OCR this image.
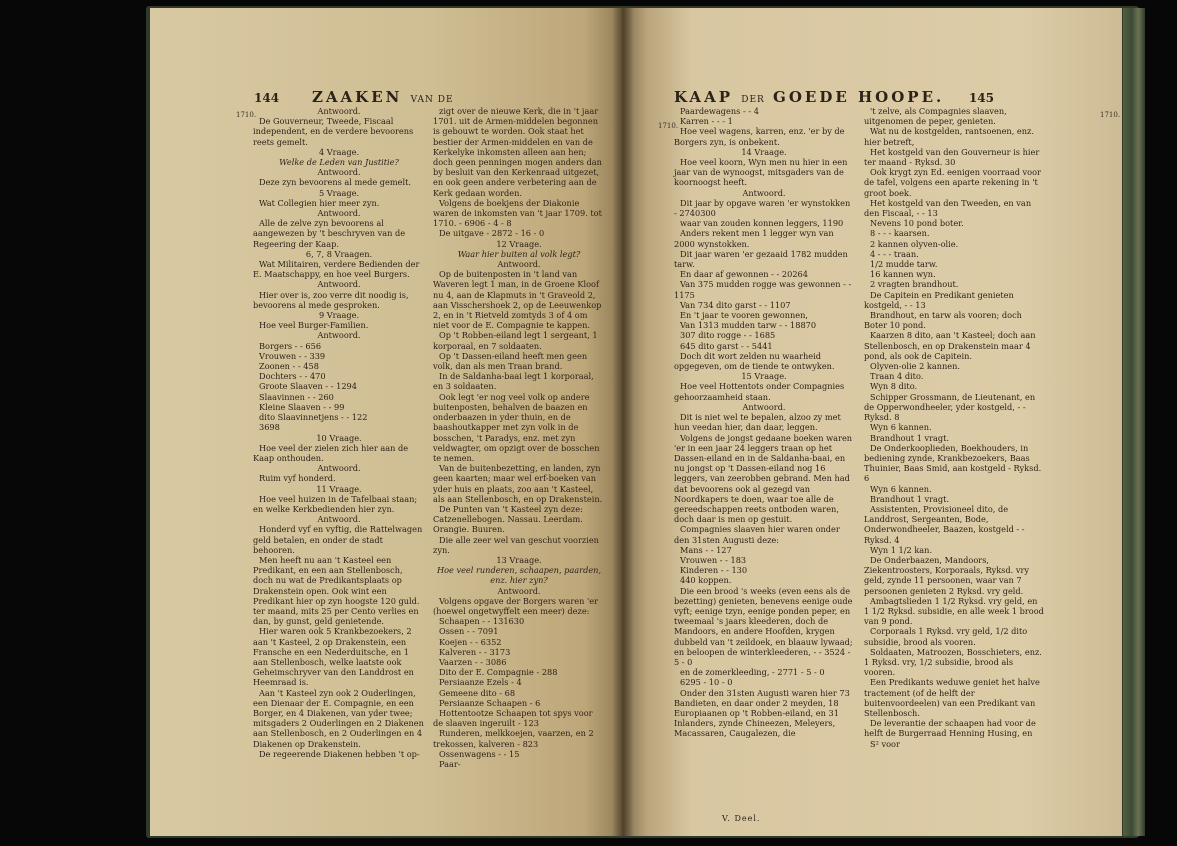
144 ZAAKEN VAN DE
1710.	Antwoord.

De Gouverneur, Tweede, Fiscaal independent, en de verdere bevoorens reets gemelt.

4 Vraage.

Welke de Leden van Justitie?

Antwoord.

Deze zyn bevoorens al mede gemelt.

5 Vraage.

Wat Collegien hier meer zyn.

Antwoord.

Alle de zelve zyn bevoorens al aangewezen by 't beschryven van de Regeering der Kaap.

6, 7, 8 Vraagen.

Wat Militairen, verdere Bedienden der E. Maatschappy, en hoe veel Burgers.

Antwoord.

Hier over is, zoo verre dit noodig is, bevoorens al mede gesproken.

9 Vraage.

Hoe veel Burger-Familien.

Antwoord.

Borgers - - 656

Vrouwen - - 339

Zoonen - - 458

Dochters - - 470

Groote Slaaven - - 1294

Slaavinnen - - 260

Kleine Slaaven - - 99

dito Slaavinnetjens - - 122

3698

10 Vraage.

Hoe veel der zielen zich hier aan de Kaap onthouden.

Antwoord.

Ruim vyf honderd.

11 Vraage.

Hoe veel huizen in de Tafelbaai staan; en welke Kerkbedienden hier zyn.

Antwoord.

Honderd vyf en vyftig, die Rattelwagen geld betalen, en onder de stadt behooren.

Men heeft nu aan 't Kasteel een Predikant, en een aan Stellenbosch, doch nu wat de Predikantsplaats op Drakenstein open. Ook wint een Predikant hier op zyn hoogste 120 guld. ter maand, mits 25 per Cento verlies en dan, by gunst, geld genietende.

Hier waren ook 5 Krankbezoekers, 2 aan 't Kasteel, 2 op Drakenstein, een Fransche en een Nederduitsche, en 1 aan Stellenbosch, welke laatste ook Geheimschryver van den Landdrost en Heemraad is.

Aan 't Kasteel zyn ook 2 Ouderlingen, een Dienaar der E. Compagnie, en een Borger, en 4 Diakenen, van yder twee; mitsgaders 2 Ouderlingen en 2 Diakenen aan Stellenbosch, en 2 Ouderlingen en 4 Diakenen op Drakenstein.

De regeerende Diakenen hebben 't op-

zigt over de nieuwe Kerk, die in 't jaar 1701. uit de Armen-middelen begonnen is gebouwt te worden. Ook staat het bestier der Armen-middelen en van de Kerkelyke inkomsten alleen aan hen; doch geen penningen mogen anders dan by besluit van den Kerkenraad uitgezet, en ook geen andere verbetering aan de Kerk gedaan worden.

Volgens de boekjens der Diakonie waren de inkomsten van 't jaar 1709. tot 1710. - 6906 - 4 - 8

De uitgave - 2872 - 16 - 0

12 Vraage.

Waar hier buiten al volk legt?

Antwoord.

Op de buitenposten in 't land van Waveren legt 1 man, in de Groene Kloof nu 4, aan de Klapmuts in 't Graveold 2, aan Visschershoek 2, op de Leeuwenkop 2, en in 't Rietveld zomtyds 3 of 4 om niet voor de E. Compagnie te kappen.

Op 't Robben-eiland legt 1 sergeant, 1 korporaal, en 7 soldaaten.

Op 't Dassen-eiland heeft men geen volk, dan als men Traan brand.

In de Saldanha-baai legt 1 korporaal, en 3 soldaaten.

Ook legt 'er nog veel volk op andere buitenposten, behalven de baazen en onderbaazen in yder thuin, en de baashoutkapper met zyn volk in de bosschen, 't Paradys, enz. met zyn veldwagter, om opzigt over de bosschen te nemen.

Van de buitenbezetting, en landen, zyn geen kaarten; maar wel erf-boeken van yder huis en plaats, zoo aan 't Kasteel, als aan Stellenbosch, en op Drakenstein.

De Punten van 't Kasteel zyn deze: Catzenellebogen. Nassau. Leerdam. Orangie. Buuren.

Die alle zeer wel van geschut voorzien zyn.

13 Vraage.

Hoe veel runderen, schaapen, paarden, enz. hier zyn?

Antwoord.

Volgens opgave der Borgers waren 'er (hoewel ongetwyffelt een meer) deze:

Schaapen - - 131630

Ossen - - 7091

Koejen - - 6352

Kalveren - - 3173

Vaarzen - - 3086

Dito der E. Compagnie - 288

Persiaanze Ezels - 4

Gemeene dito - 68

Persiaanze Schaapen - 6

Hottentootze Schaapen tot spys voor de slaaven ingeruilt - 123

Runderen, melkkoejen, vaarzen, en 2 trekossen, kalveren - 823

Ossenwagens - - 15

Paar-

KAAP DER GOEDE HOOPE. 145
1710.
1710.

Paardewagens - - 4

Karren - - - 1

Hoe veel wagens, karren, enz. 'er by de Borgers zyn, is onbekent.

14 Vraage.

Hoe veel koorn, Wyn men nu hier in een jaar van de wynoogst, mitsgaders van de koornoogst heeft.

Antwoord.

Dit jaar by opgave waren 'er wynstokken - 2740300

waar van zouden konnen leggers, 1190

Anders rekent men 1 legger wyn van 2000 wynstokken.

Dit jaar waren 'er gezaaid 1782 mudden tarw.

En daar af gewonnen - - 20264

Van 375 mudden rogge was gewonnen - - 1175

Van 734 dito garst - - 1107

En 't jaar te vooren gewonnen,

Van 1313 mudden tarw - - 18870

307 dito rogge - - 1685

645 dito garst - - 5441

Doch dit wort zelden nu waarheid opgegeven, om de tiende te ontwyken.

15 Vraage.

Hoe veel Hottentots onder Compagnies gehoorzaamheid staan.

Antwoord.

Dit is niet wel te bepalen, alzoo zy met hun veedan hier, dan daar, leggen.

Volgens de jongst gedaane boeken waren 'er in een jaar 24 leggers traan op het Dassen-eiland en in de Saldanha-baai, en nu jongst op 't Dassen-eiland nog 16 leggers, van zeerobben gebrand. Men had dat bevoorens ook al gezegd van Noordkapers te doen, waar toe alle de gereedschappen reets ontboden waren, doch daar is men op gestuit.

Compagnies slaaven hier waren onder den 31sten Augusti deze:

Mans - - 127

Vrouwen - - 183

Kinderen - - 130

440 koppen.

Die een brood 's weeks (even eens als de bezetting) genieten, benevens eenige oude vyft; eenige tzyn, eenige ponden peper, en tweemaal 's jaars kleederen, doch de Mandoors, en andere Hoofden, krygen dubbeld van 't zeildoek, en blaauw lywaad; en beloopen de winterkleederen, - - 3524 - 5 - 0

en de zomerkleeding, - 2771 - 5 - 0

6295 - 10 - 0

Onder den 31sten Augusti waren hier 73 Bandieten, en daar onder 2 meyden, 18 Europiaanen op 't Robben-eiland, en 31 Inlanders, zynde Chineezen, Meleyers, Macassaren, Caugalezen, die

't zelve, als Compagnies slaaven, uitgenomen de peper, genieten.

Wat nu de kostgelden, rantsoenen, enz. hier betreft,

Het kostgeld van den Gouverneur is hier ter maand - Ryksd. 30

Ook krygt zyn Ed. eenigen voorraad voor de tafel, volgens een aparte rekening in 't groot boek.

Het kostgeld van den Tweeden, en van den Fiscaal, - - 13

Nevens 10 pond boter.

8 - - - kaarsen.

2 kannen olyven-olie.

4 - - - traan.

1/2 mudde tarw.

16 kannen wyn.

2 vragten brandhout.

De Capitein en Predikant genieten kostgeld, - - 13

Brandhout, en tarw als vooren; doch Boter 10 pond.

Kaarzen 8 dito, aan 't Kasteel; doch aan Stellenbosch, en op Drakenstein maar 4 pond, als ook de Capitein.

Olyven-olie 2 kannen.

Traan 4 dito.

Wyn 8 dito.

Schipper Grossmann, de Lieutenant, en de Opperwondheeler, yder kostgeld, - - Ryksd. 8

Wyn 6 kannen.

Brandhout 1 vragt.

De Onderkooplieden, Boekhouders, in bediening zynde, Krankbezoekers, Baas Thuinier, Baas Smid, aan kostgeld - Ryksd. 6

Wyn 6 kannen.

Brandhout 1 vragt.

Assistenten, Provisioneel dito, de Landdrost, Sergeanten, Bode, Onderwondheeler, Baazen, kostgeld - - Ryksd. 4

Wyn 1 1/2 kan.

De Onderbaazen, Mandoors, Ziekentroosters, Korporaals, Ryksd. vry geld, zynde 11 persoonen, waar van 7 persoonen genieten 2 Ryksd. vry geld.

Ambagtslieden 1 1/2 Ryksd. vry geld, en 1 1/2 Ryksd. subsidie, en alle week 1 brood van 9 pond.

Corporaals 1 Ryksd. vry geld, 1/2 dito subsidie, brood als vooren.

Soldaaten, Matroozen, Bosschieters, enz. 1 Ryksd. vry, 1/2 subsidie, brood als vooren.

Een Predikants weduwe geniet het halve tractement (of de helft der buitenvoordeelen) van een Predikant van Stellenbosch.

De leverantie der schaapen had voor de helft de Burgerraad Henning Husing, en

S² voor

V. Deel.
